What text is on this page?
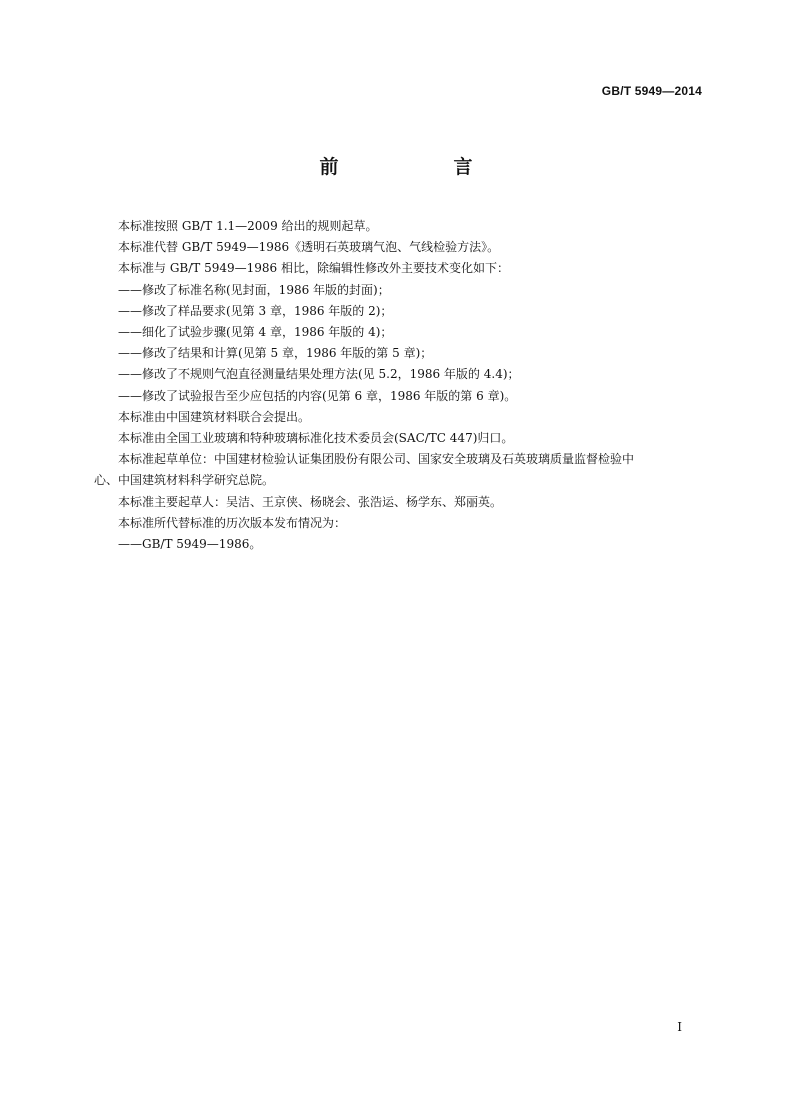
GB/T 5949—2014
前　言

本标准按照 GB/T 1.1—2009 给出的规则起草。

本标准代替 GB/T 5949—1986《透明石英玻璃气泡、气线检验方法》。

本标准与 GB/T 5949—1986 相比，除编辑性修改外主要技术变化如下：

——修改了标准名称(见封面，1986 年版的封面)；

——修改了样品要求(见第 3 章，1986 年版的 2)；

——细化了试验步骤(见第 4 章，1986 年版的 4)；

——修改了结果和计算(见第 5 章，1986 年版的第 5 章)；

——修改了不规则气泡直径测量结果处理方法(见 5.2，1986 年版的 4.4)；

——修改了试验报告至少应包括的内容(见第 6 章，1986 年版的第 6 章)。

本标准由中国建筑材料联合会提出。

本标准由全国工业玻璃和特种玻璃标准化技术委员会(SAC/TC 447)归口。

本标准起草单位：中国建材检验认证集团股份有限公司、国家安全玻璃及石英玻璃质量监督检验中

心、中国建筑材料科学研究总院。

本标准主要起草人：吴洁、王京侠、杨晓会、张浩运、杨学东、郑丽英。

本标准所代替标准的历次版本发布情况为：

——GB/T 5949—1986。

I
